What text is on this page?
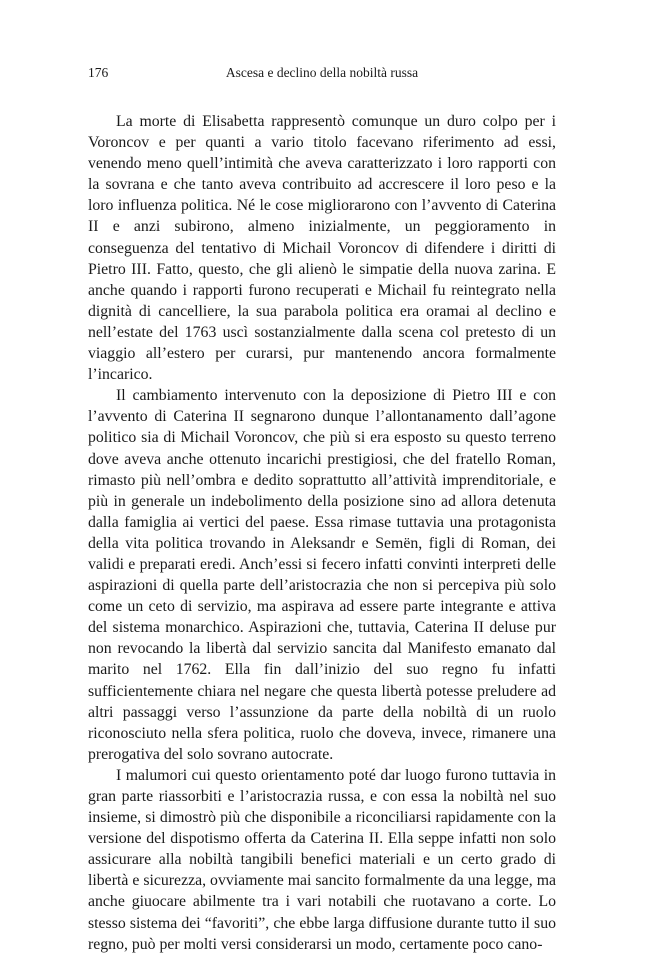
176	Ascesa e declino della nobiltà russa

La morte di Elisabetta rappresentò comunque un duro colpo per i Voroncov e per quanti a vario titolo facevano riferimento ad essi, venendo meno quell’intimità che aveva caratterizzato i loro rapporti con la sovrana e che tanto aveva contribuito ad accrescere il loro peso e la loro influenza politica. Né le cose migliorarono con l’avvento di Caterina II e anzi subirono, almeno inizialmente, un peggioramento in conseguenza del tentativo di Michail Voroncov di difendere i diritti di Pietro III. Fatto, questo, che gli alienò le simpatie della nuova zarina. E anche quando i rapporti furono recuperati e Michail fu reintegrato nella dignità di cancelliere, la sua parabola politica era oramai al declino e nell’estate del 1763 uscì sostanzialmente dalla scena col pretesto di un viaggio all’estero per curarsi, pur mantenendo ancora formalmente l’incarico.

Il cambiamento intervenuto con la deposizione di Pietro III e con l’avvento di Caterina II segnarono dunque l’allontanamento dall’agone politico sia di Michail Voroncov, che più si era esposto su questo terreno dove aveva anche ottenuto incarichi prestigiosi, che del fratello Roman, rimasto più nell’ombra e dedito soprattutto all’attività imprenditoriale, e più in generale un indebolimento della posizione sino ad allora detenuta dalla famiglia ai vertici del paese. Essa rimase tuttavia una protagonista della vita politica trovando in Aleksandr e Semën, figli di Roman, dei validi e preparati eredi. Anch’essi si fecero infatti convinti interpreti delle aspirazioni di quella parte dell’aristocrazia che non si percepiva più solo come un ceto di servizio, ma aspirava ad essere parte integrante e attiva del sistema monarchico. Aspirazioni che, tuttavia, Caterina II deluse pur non revocando la libertà dal servizio sancita dal Manifesto emanato dal marito nel 1762. Ella fin dall’inizio del suo regno fu infatti sufficientemente chiara nel negare che questa libertà potesse preludere ad altri passaggi verso l’assunzione da parte della nobiltà di un ruolo riconosciuto nella sfera politica, ruolo che doveva, invece, rimanere una prerogativa del solo sovrano autocrate.

I malumori cui questo orientamento poté dar luogo furono tuttavia in gran parte riassorbiti e l’aristocrazia russa, e con essa la nobiltà nel suo insieme, si dimostrò più che disponibile a riconciliarsi rapidamente con la versione del dispotismo offerta da Caterina II. Ella seppe infatti non solo assicurare alla nobiltà tangibili benefici materiali e un certo grado di libertà e sicurezza, ovviamente mai sancito formalmente da una legge, ma anche giuocare abilmente tra i vari notabili che ruotavano a corte. Lo stesso sistema dei “favoriti”, che ebbe larga diffusione durante tutto il suo regno, può per molti versi considerarsi un modo, certamente poco cano-
